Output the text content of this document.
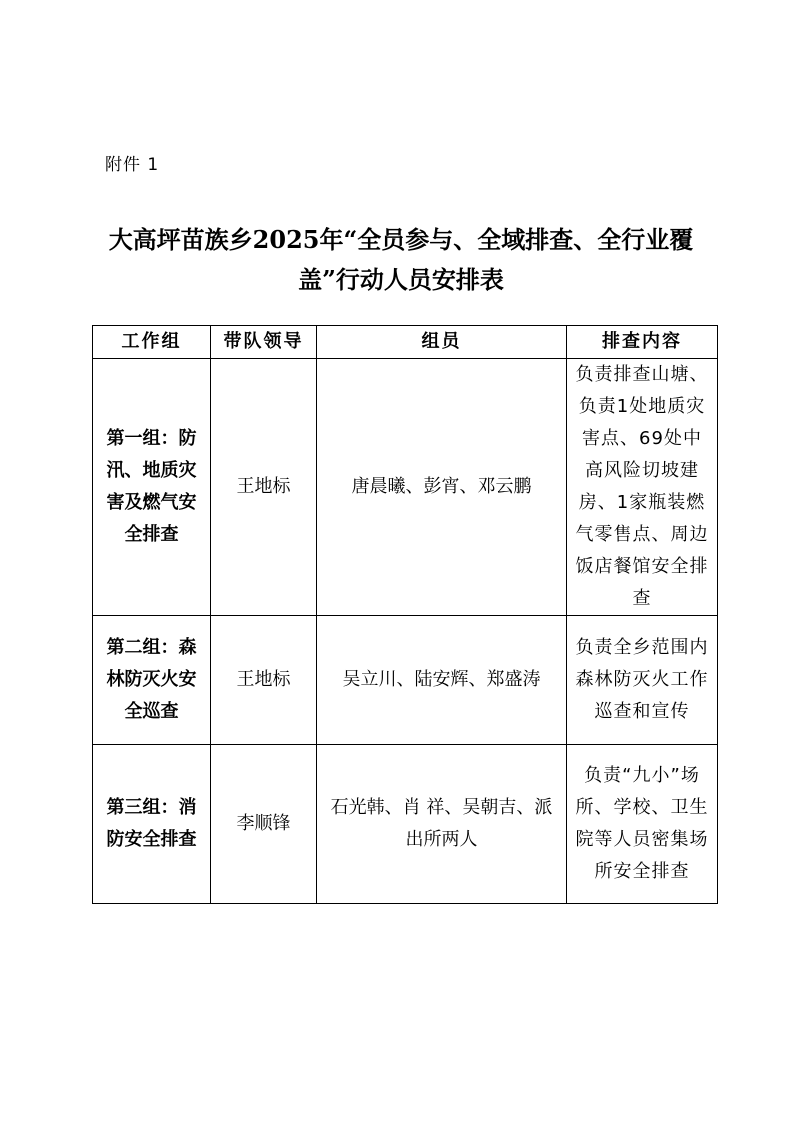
附件 1
大高坪苗族乡2025年“全员参与、全域排查、全行业覆
盖”行动人员安排表
工作组	带队领导	组员	排查内容
第一组：防汛、地质灾害及燃气安全排查	王地标	唐晨曦、彭宵、邓云鹏	负责排查山塘、负责1处地质灾害点、69处中高风险切坡建房、1家瓶装燃气零售点、周边饭店餐馆安全排查
第二组：森林防灭火安全巡查	王地标	吴立川、陆安辉、郑盛涛	负责全乡范围内森林防灭火工作巡查和宣传
第三组：消防安全排查	李顺锋	石光韩、肖 祥、吴朝吉、派出所两人	负责“九小”场所、学校、卫生院等人员密集场所安全排查
